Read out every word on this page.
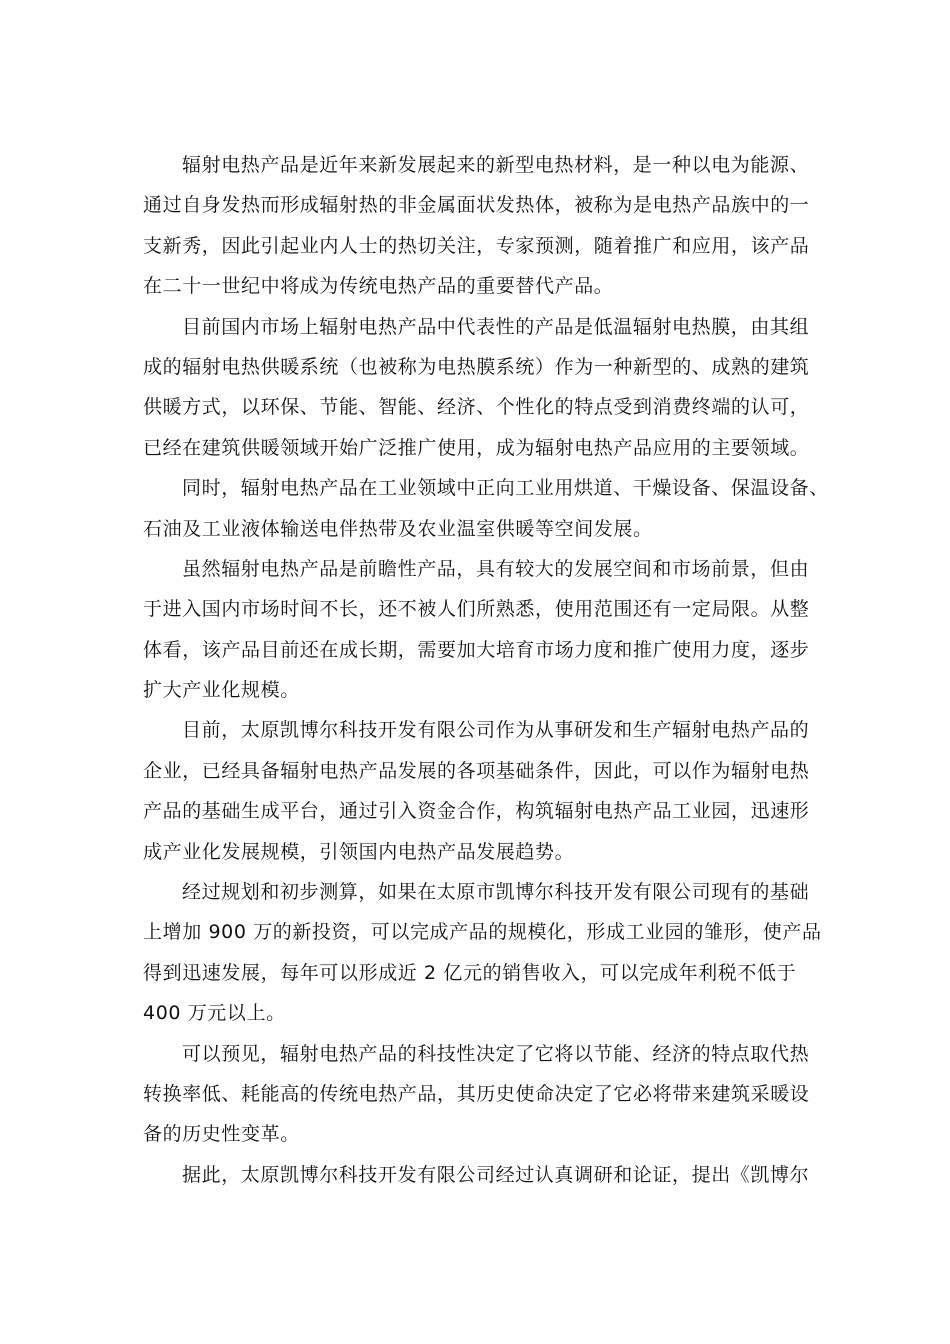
辐射电热产品是近年来新发展起来的新型电热材料，是一种以电为能源、
通过自身发热而形成辐射热的非金属面状发热体，被称为是电热产品族中的一
支新秀，因此引起业内人士的热切关注，专家预测，随着推广和应用，该产品
在二十一世纪中将成为传统电热产品的重要替代产品。
目前国内市场上辐射电热产品中代表性的产品是低温辐射电热膜，由其组
成的辐射电热供暖系统（也被称为电热膜系统）作为一种新型的、成熟的建筑
供暖方式，以环保、节能、智能、经济、个性化的特点受到消费终端的认可，
已经在建筑供暖领域开始广泛推广使用，成为辐射电热产品应用的主要领域。
同时，辐射电热产品在工业领域中正向工业用烘道、干燥设备、保温设备、
石油及工业液体输送电伴热带及农业温室供暖等空间发展。
虽然辐射电热产品是前瞻性产品，具有较大的发展空间和市场前景，但由
于进入国内市场时间不长，还不被人们所熟悉，使用范围还有一定局限。从整
体看，该产品目前还在成长期，需要加大培育市场力度和推广使用力度，逐步
扩大产业化规模。
目前，太原凯博尔科技开发有限公司作为从事研发和生产辐射电热产品的
企业，已经具备辐射电热产品发展的各项基础条件，因此，可以作为辐射电热
产品的基础生成平台，通过引入资金合作，构筑辐射电热产品工业园，迅速形
成产业化发展规模，引领国内电热产品发展趋势。
经过规划和初步测算，如果在太原市凯博尔科技开发有限公司现有的基础
上增加 900 万的新投资，可以完成产品的规模化，形成工业园的雏形，使产品
得到迅速发展，每年可以形成近 2 亿元的销售收入，可以完成年利税不低于
400 万元以上。
可以预见，辐射电热产品的科技性决定了它将以节能、经济的特点取代热
转换率低、耗能高的传统电热产品，其历史使命决定了它必将带来建筑采暖设
备的历史性变革。
据此，太原凯博尔科技开发有限公司经过认真调研和论证，提出《凯博尔
